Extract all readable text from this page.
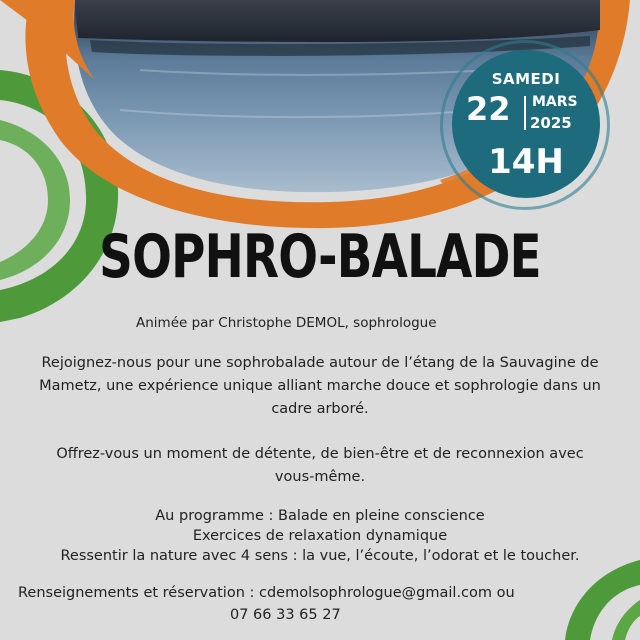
SAMEDI
22 MARS
2025
14H
SOPHRO-BALADE
Animée par Christophe DEMOL, sophrologue
Rejoignez-nous pour une sophrobalade autour de l’étang de la Sauvagine de
Mametz, une expérience unique alliant marche douce et sophrologie dans un
cadre arboré.
Offrez-vous un moment de détente, de bien-être et de reconnexion avec
vous-même.
Au programme : Balade en pleine conscience
Exercices de relaxation dynamique
Ressentir la nature avec 4 sens : la vue, l’écoute, l’odorat et le toucher.
Renseignements et réservation : cdemolsophrologue@gmail.com ou
07 66 33 65 27
